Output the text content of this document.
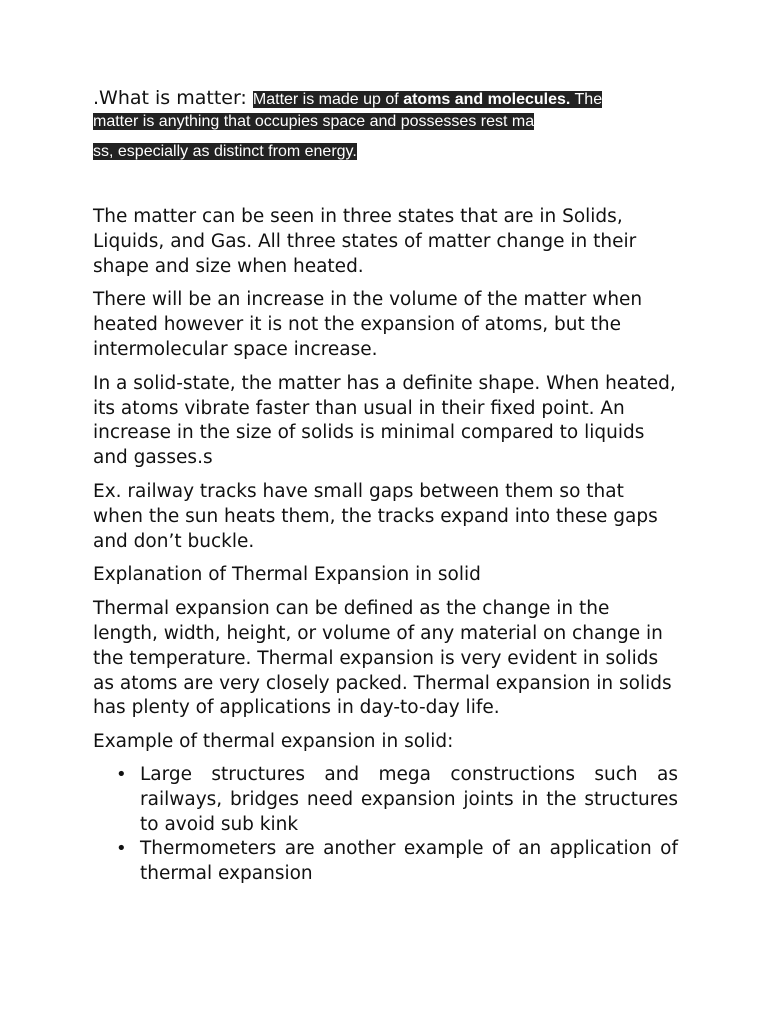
.What is matter: Matter is made up of atoms and molecules. The
matter is anything that occupies space and possesses rest ma
ss, especially as distinct from energy.

The matter can be seen in three states that are in Solids, Liquids, and Gas. All three states of matter change in their shape and size when heated.

There will be an increase in the volume of the matter when heated however it is not the expansion of atoms, but the intermolecular space increase.

In a solid-state, the matter has a definite shape. When heated, its atoms vibrate faster than usual in their fixed point. An increase in the size of solids is minimal compared to liquids and gasses.s

Ex. railway tracks have small gaps between them so that when the sun heats them, the tracks expand into these gaps and don’t buckle.

Explanation of Thermal Expansion in solid

Thermal expansion can be defined as the change in the length, width, height, or volume of any material on change in the temperature. Thermal expansion is very evident in solids as atoms are very closely packed. Thermal expansion in solids has plenty of applications in day-to-day life.

Example of thermal expansion in solid:

• Large structures and mega constructions such as railways, bridges need expansion joints in the structures to avoid sub kink
• Thermometers are another example of an application of thermal expansion
